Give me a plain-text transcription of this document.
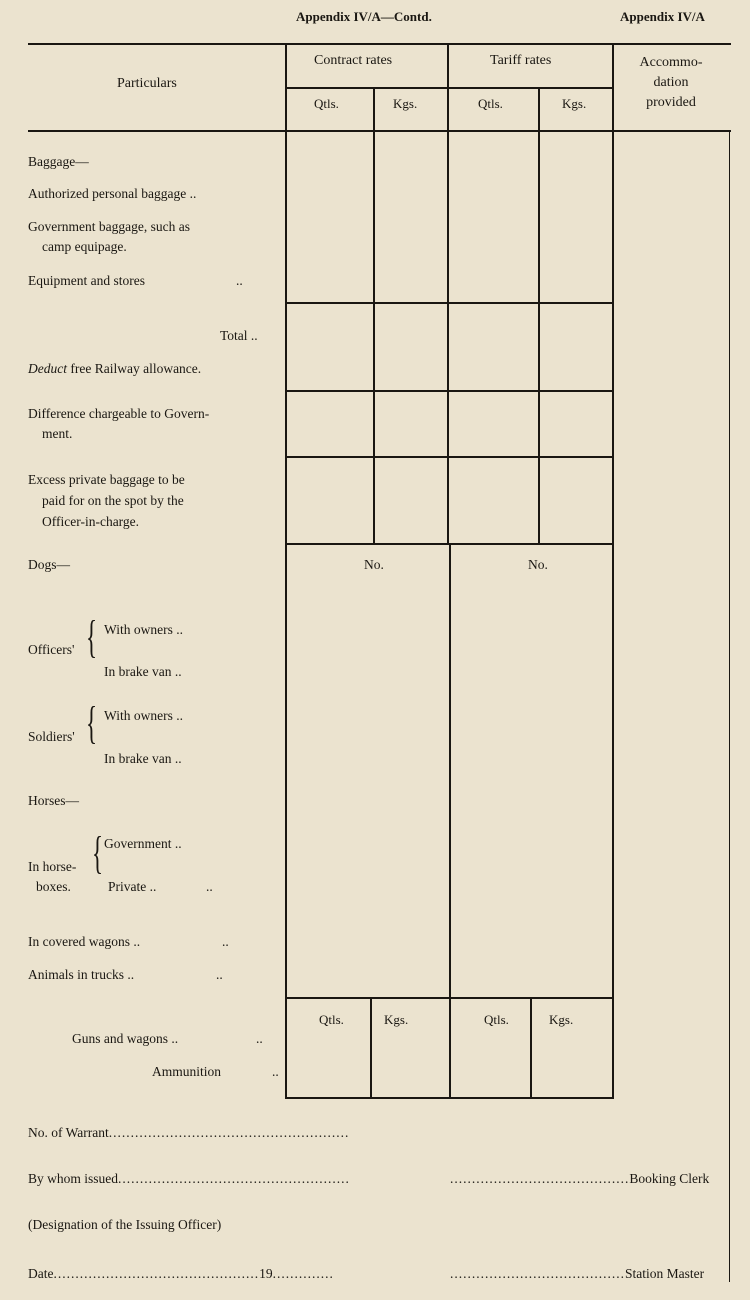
Appendix IV/A—Contd.	Appendix IV/A
Particulars
Contract rates	Tariff rates	Accommo-
dation
provided
Qtls.	Kgs.	Qtls.	Kgs.
Baggage—
Authorized personal baggage ..
Government baggage, such as
camp equipage.
Equipment and stores	..
Total ..
Deduct free Railway allowance.
Difference chargeable to Govern-
ment.
Excess private baggage to be
paid for on the spot by the
Officer-in-charge.
Dogs—	No.	No.
Officers' { With owners ..
In brake van ..
Soldiers' { With owners ..
In brake van ..
Horses—
In horse-
boxes.
{ Government ..
Private ..	..
In covered wagons ..	..
Animals in trucks ..	..
Qtls.	Kgs.	Qtls.	Kgs.
Guns and wagons ..	..
Ammunition	..
No. of Warrant.......................................................
By whom issued.....................................................	.........................................Booking Clerk
(Designation of the Issuing Officer)
Date...............................................19..............	........................................Station Master
